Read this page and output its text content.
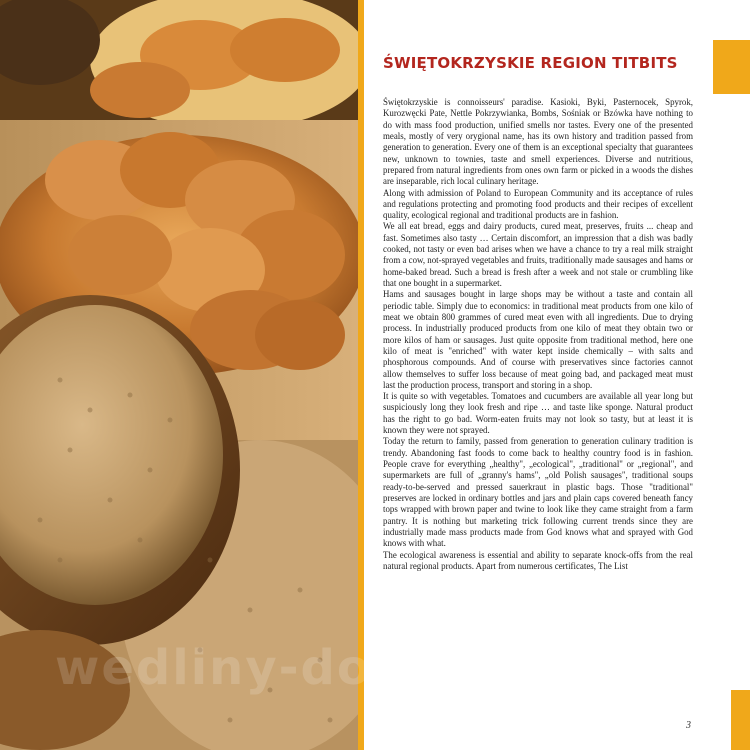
ŚWIĘTOKRZYSKIE REGION TITBITS

Świętokrzyskie is connoisseurs' paradise. Kasioki, Byki, Pasternocek, Spyrok, Kurozwęcki Pate, Nettle Pokrzywianka, Bombs, Sośniak or Bzówka have nothing to do with mass food production, unified smells nor tastes. Every one of the presented meals, mostly of very orygional name, has its own history and tradition passed from generation to generation. Every one of them is an exceptional specialty that guarantees new, unknown to townies, taste and smell experiences. Diverse and nutritious, prepared from natural ingredients from ones own farm or picked in a woods the dishes are inseparable, rich local culinary heritage.

Along with admission of Poland to European Community and its acceptance of rules and regulations protecting and promoting food products and their recipes of excellent quality, ecological regional and traditional products are in fashion.

We all eat bread, eggs and dairy products, cured meat, preserves, fruits ... cheap and fast. Sometimes also tasty … Certain discomfort, an impression that a dish was badly cooked, not tasty or even bad arises when we have a chance to try a real milk straight from a cow, not-sprayed vegetables and fruits, traditionally made sausages and hams or home-baked bread. Such a bread is fresh after a week and not stale or crumbling like that one bought in a supermarket.

Hams and sausages bought in large shops may be without a taste and contain all periodic table. Simply due to economics: in traditional meat products from one kilo of meat we obtain 800 grammes of cured meat even with all ingredients. Due to drying process. In industrially produced products from one kilo of meat they obtain two or more kilos of ham or sausages. Just quite opposite from traditional method, here one kilo of meat is "enriched" with water kept inside chemically – with salts and phosphorous compounds. And of course with preservatives since factories cannot allow themselves to suffer loss because of meat going bad, and packaged meat must last the production process, transport and storing in a shop.

It is quite so with vegetables. Tomatoes and cucumbers are available all year long but suspiciously long they look fresh and ripe … and taste like sponge. Natural product has the right to go bad. Worm-eaten fruits may not look so tasty, but at least it is known they were not sprayed.

Today the return to family, passed from generation to generation culinary tradition is trendy. Abandoning fast foods to come back to healthy country food is in fashion. People crave for everything „healthy", „ecological", „traditional" or „regional", and supermarkets are full of „granny's hams", „old Polish sausages", traditional soups ready-to-be-served and pressed sauerkraut in plastic bags. Those "traditional" preserves are locked in ordinary bottles and jars and plain caps covered beneath fancy tops wrapped with brown paper and twine to look like they came straight from a farm pantry. It is nothing but marketing trick following current trends since they are industrially made mass products made from God knows what and sprayed with God knows with what.

The ecological awareness is essential and ability to separate knock-offs from the real natural regional products. Apart from numerous certificates, The List

3
